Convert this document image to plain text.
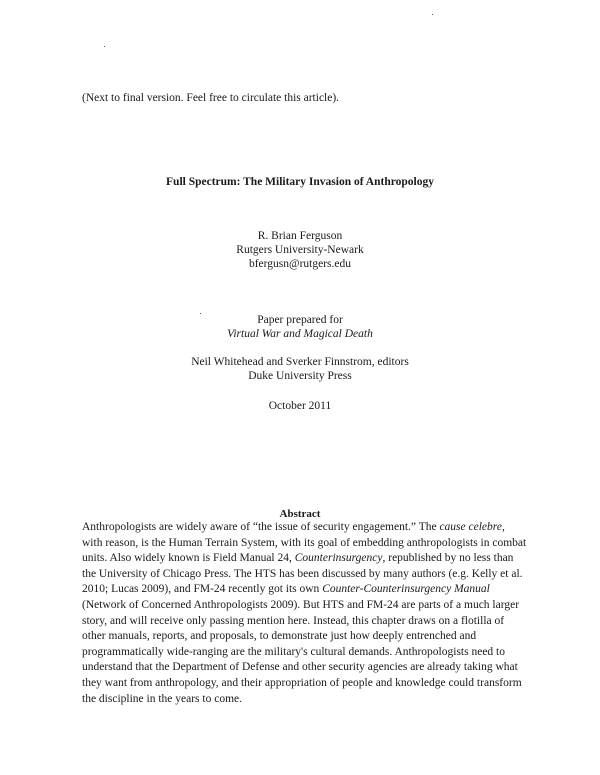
(Next to final version. Feel free to circulate this article).
Full Spectrum: The Military Invasion of Anthropology
R. Brian Ferguson
Rutgers University-Newark
bfergusn@rutgers.edu
Paper prepared for
Virtual War and Magical Death
Neil Whitehead and Sverker Finnstrom, editors
Duke University Press
October 2011
Abstract
Anthropologists are widely aware of “the issue of security engagement.” The cause celebre,
with reason, is the Human Terrain System, with its goal of embedding anthropologists in combat
units. Also widely known is Field Manual 24, Counterinsurgency, republished by no less than
the University of Chicago Press. The HTS has been discussed by many authors (e.g. Kelly et al.
2010; Lucas 2009), and FM-24 recently got its own Counter-Counterinsurgency Manual
(Network of Concerned Anthropologists 2009). But HTS and FM-24 are parts of a much larger
story, and will receive only passing mention here. Instead, this chapter draws on a flotilla of
other manuals, reports, and proposals, to demonstrate just how deeply entrenched and
programmatically wide-ranging are the military's cultural demands. Anthropologists need to
understand that the Department of Defense and other security agencies are already taking what
they want from anthropology, and their appropriation of people and knowledge could transform
the discipline in the years to come.
